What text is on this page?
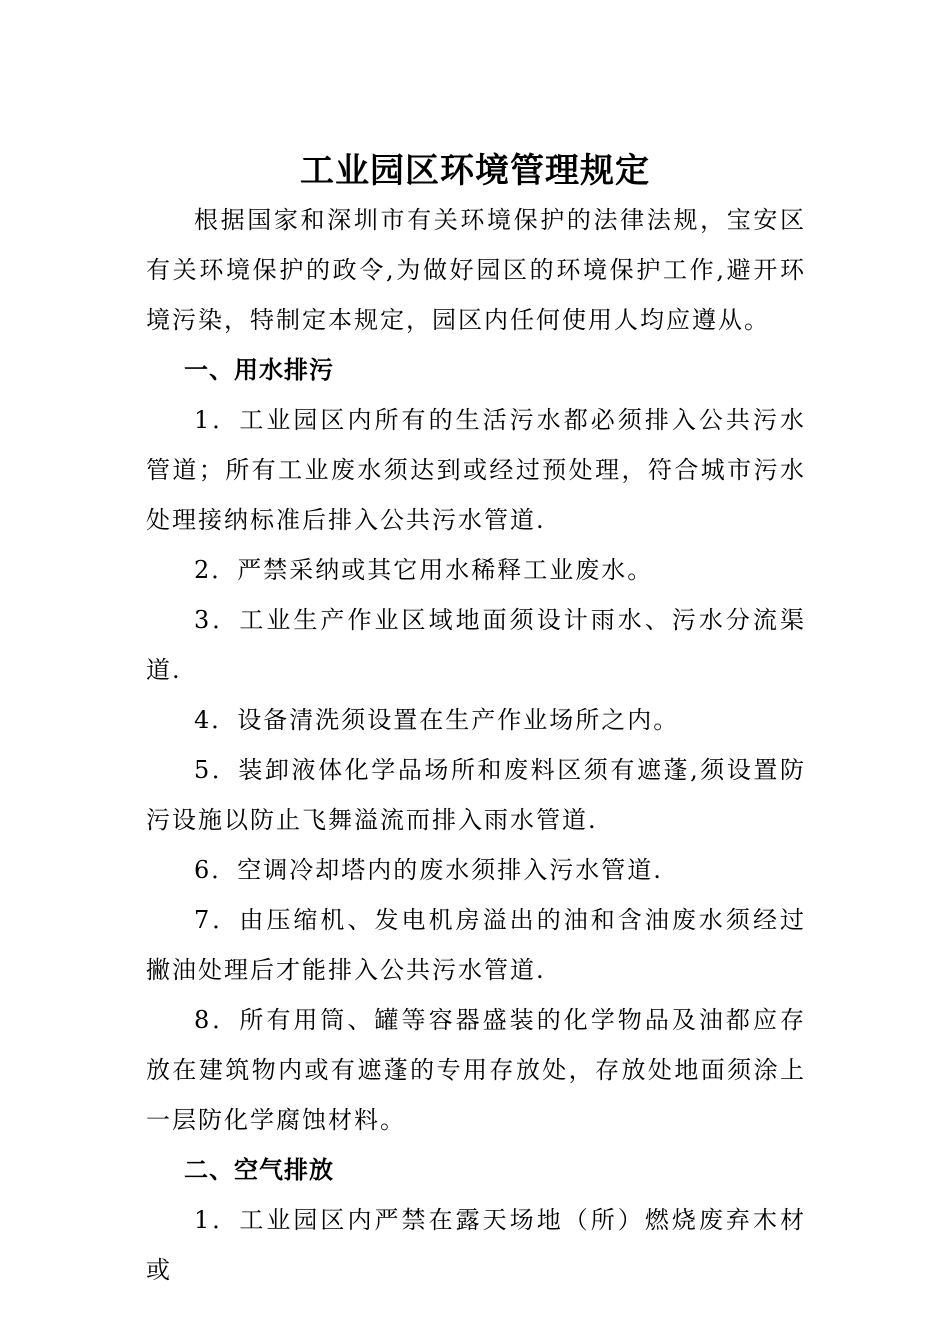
工业园区环境管理规定

根据国家和深圳市有关环境保护的法律法规，宝安区有关环境保护的政令,为做好园区的环境保护工作,避开环境污染，特制定本规定，园区内任何使用人均应遵从。

一、用水排污

1．工业园区内所有的生活污水都必须排入公共污水管道；所有工业废水须达到或经过预处理，符合城市污水处理接纳标准后排入公共污水管道.

2．严禁采纳或其它用水稀释工业废水。

3．工业生产作业区域地面须设计雨水、污水分流渠道.

4．设备清洗须设置在生产作业场所之内。

5．装卸液体化学品场所和废料区须有遮蓬,须设置防污设施以防止飞舞溢流而排入雨水管道.

6．空调冷却塔内的废水须排入污水管道.

7．由压缩机、发电机房溢出的油和含油废水须经过撇油处理后才能排入公共污水管道.

8．所有用筒、罐等容器盛装的化学物品及油都应存放在建筑物内或有遮蓬的专用存放处，存放处地面须涂上一层防化学腐蚀材料。

二、空气排放

1．工业园区内严禁在露天场地（所）燃烧废弃木材或
